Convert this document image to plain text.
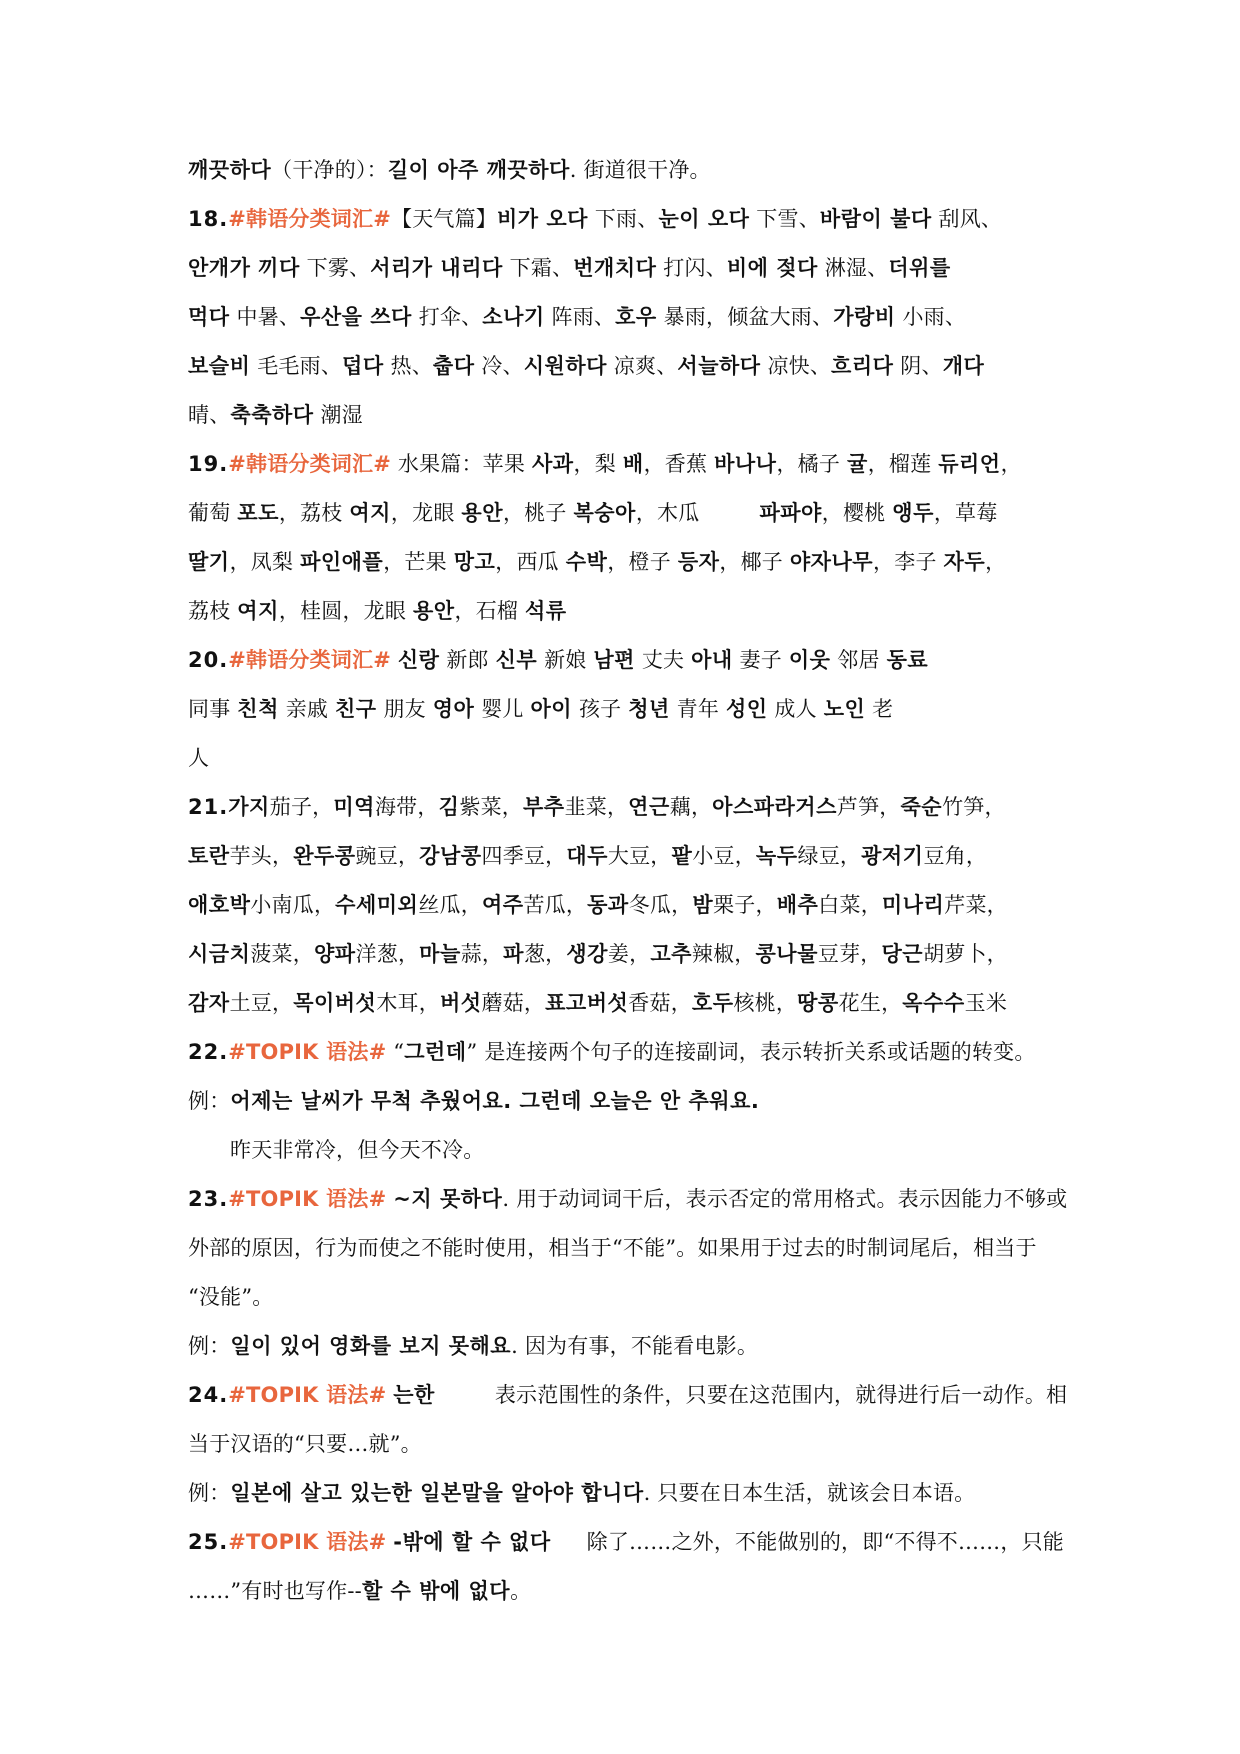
깨끗하다（干净的）：길이 아주 깨끗하다. 街道很干净。
18.#韩语分类词汇#【天气篇】비가 오다 下雨、눈이 오다 下雪、바람이 불다 刮风、
안개가 끼다 下雾、서리가 내리다 下霜、번개치다 打闪、비에 젖다 淋湿、더위를
먹다 中暑、우산을 쓰다 打伞、소나기 阵雨、호우 暴雨，倾盆大雨、가랑비 小雨、
보슬비 毛毛雨、덥다 热、춥다 冷、시원하다 凉爽、서늘하다 凉快、흐리다 阴、개다
晴、축축하다 潮湿
19.#韩语分类词汇# 水果篇：苹果 사과，梨 배，香蕉 바나나，橘子 귤，榴莲 듀리언，
葡萄 포도，荔枝 여지，龙眼 용안，桃子 복숭아，木瓜	파파야，樱桃 앵두，草莓
딸기，凤梨 파인애플，芒果 망고，西瓜 수박，橙子 등자，椰子 야자나무，李子 자두，
荔枝 여지，桂圆，龙眼 용안，石榴 석류
20.#韩语分类词汇# 신랑 新郎 신부 新娘 남편 丈夫 아내 妻子 이웃 邻居 동료
同事 친척 亲戚 친구 朋友 영아 婴儿 아이 孩子 청년 青年 성인 成人 노인 老
人
21.가지茄子，미역海带，김紫菜，부추韭菜，연근藕，아스파라거스芦笋，죽순竹笋，
토란芋头，완두콩豌豆，강남콩四季豆，대두大豆，팥小豆，녹두绿豆，광저기豆角，
애호박小南瓜，수세미외丝瓜，여주苦瓜，동과冬瓜，밤栗子，배추白菜，미나리芹菜，
시금치菠菜，양파洋葱，마늘蒜，파葱，생강姜，고추辣椒，콩나물豆芽，당근胡萝卜，
감자土豆，목이버섯木耳，버섯蘑菇，표고버섯香菇，호두核桃，땅콩花生，옥수수玉米
22.#TOPIK 语法# “그런데” 是连接两个句子的连接副词，表示转折关系或话题的转变。
例：어제는 날씨가 무척 추웠어요. 그런데 오늘은 안 추워요.
昨天非常冷，但今天不冷。
23.#TOPIK 语法# ~지 못하다. 用于动词词干后，表示否定的常用格式。表示因能力不够或
外部的原因，行为而使之不能时使用，相当于“不能”。如果用于过去的时制词尾后，相当于
“没能”。
例：일이 있어 영화를 보지 못해요. 因为有事，不能看电影。
24.#TOPIK 语法# 는한	表示范围性的条件，只要在这范围内，就得进行后一动作。相
当于汉语的“只要…就”。
例：일본에 살고 있는한 일본말을 알아야 합니다. 只要在日本生活，就该会日本语。
25.#TOPIK 语法# -밖에 할 수 없다 除了……之外，不能做别的，即“不得不……，只能
……”有时也写作--할 수 밖에 없다。
